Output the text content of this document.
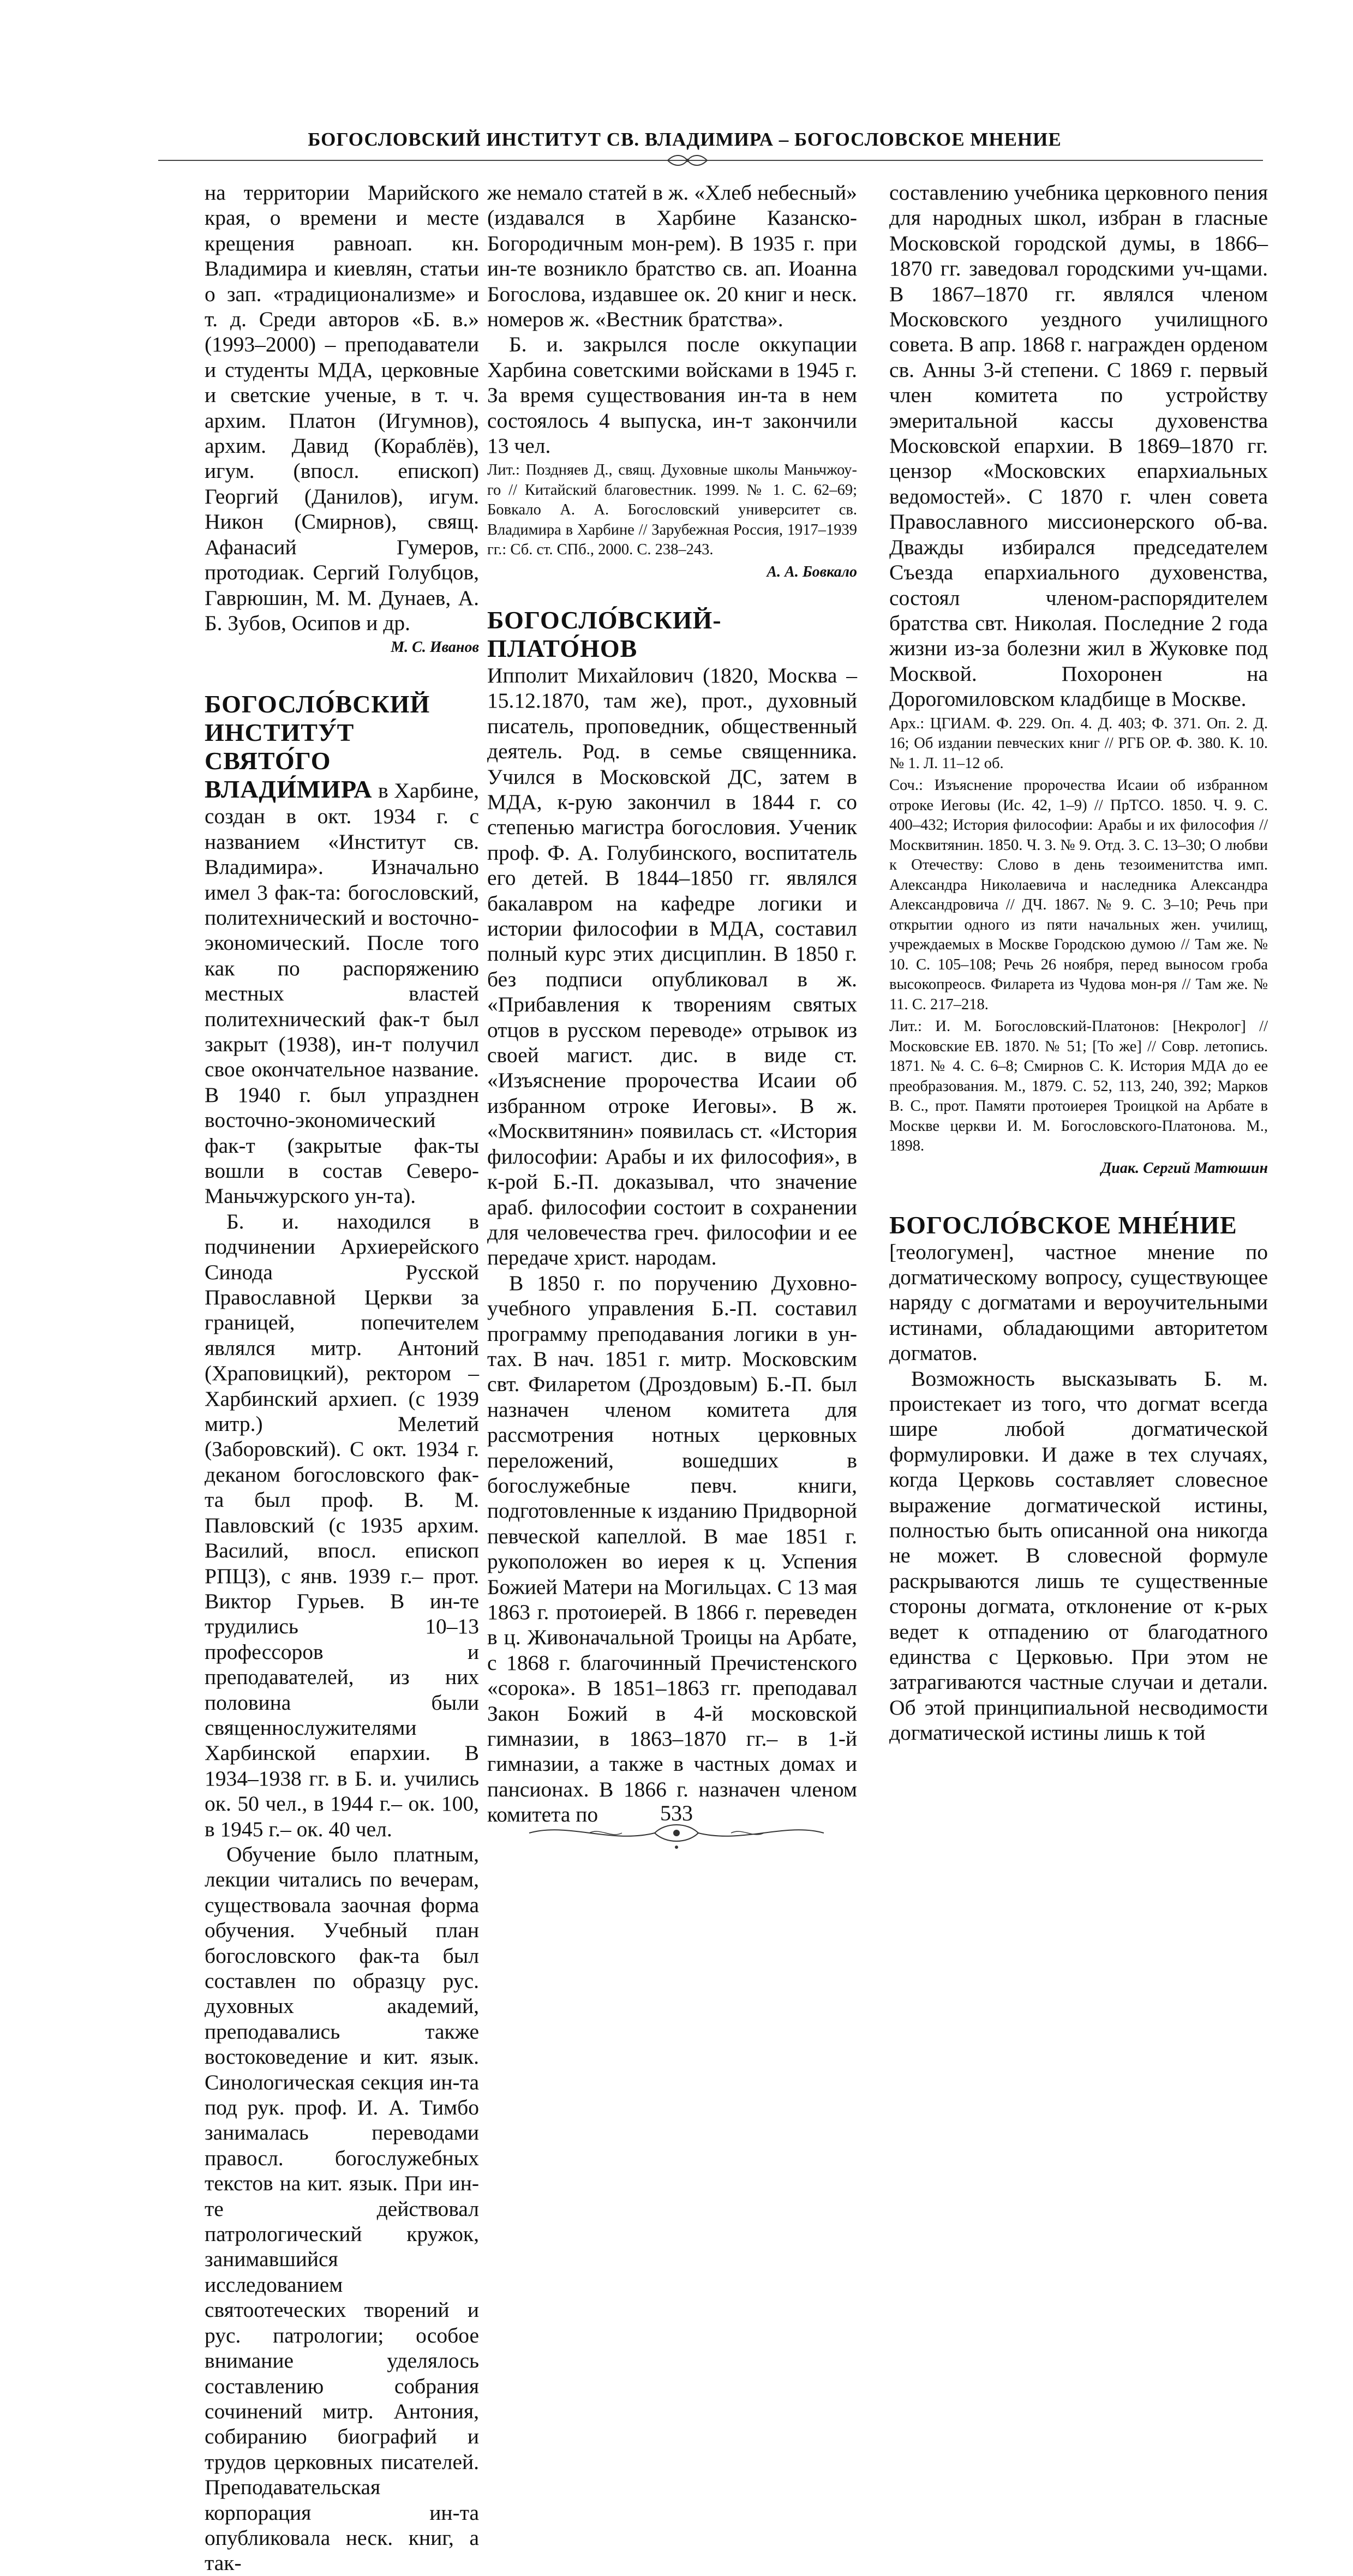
БОГОСЛОВСКИЙ ИНСТИТУТ СВ. ВЛАДИМИРА – БОГОСЛОВСКОЕ МНЕНИЕ

на территории Марийского края, о времени и месте крещения равноап. кн. Владимира и киевлян, статьи о зап. «традиционализме» и т. д. Среди авторов «Б. в.» (1993–2000) – преподаватели и студенты МДА, церковные и светские ученые, в т. ч. архим. Платон (Игумнов), архим. Давид (Кораблёв), игум. (впосл. епископ) Георгий (Данилов), игум. Никон (Смирнов), свящ. Афанасий Гумеров, протодиак. Сергий Голубцов, Гаврюшин, М. М. Дунаев, А. Б. Зубов, Осипов и др.

М. С. Иванов

БОГОСЛО́ВСКИЙ ИНСТИТУ́Т СВЯТО́ГО ВЛАДИ́МИРА в Харбине, создан в окт. 1934 г. с названием «Институт св. Владимира». Изначально имел 3 фак-та: богословский, политехнический и восточно-экономический. После того как по распоряжению местных властей политехнический фак-т был закрыт (1938), ин-т получил свое окончательное название. В 1940 г. был упразднен восточно-экономический фак-т (закрытые фак-ты вошли в состав Северо-Маньчжурского ун-та).

Б. и. находился в подчинении Архиерейского Синода Русской Православной Церкви за границей, попечителем являлся митр. Антоний (Храповицкий), ректором – Харбинский архиеп. (с 1939 митр.) Мелетий (Заборовский). С окт. 1934 г. деканом богословского фак-та был проф. В. М. Павловский (с 1935 архим. Василий, впосл. епископ РПЦЗ), с янв. 1939 г.– прот. Виктор Гурьев. В ин-те трудились 10–13 профессоров и преподавателей, из них половина были священнослужителями Харбинской епархии. В 1934–1938 гг. в Б. и. учились ок. 50 чел., в 1944 г.– ок. 100, в 1945 г.– ок. 40 чел.

Обучение было платным, лекции читались по вечерам, существовала заочная форма обучения. Учебный план богословского фак-та был составлен по образцу рус. духовных академий, преподавались также востоковедение и кит. язык. Синологическая секция ин-та под рук. проф. И. А. Тимбо занималась переводами правосл. богослужебных текстов на кит. язык. При ин-те действовал патрологический кружок, занимавшийся исследованием святоотеческих творений и рус. патрологии; особое внимание уделялось составлению собрания сочинений митр. Антония, собиранию биографий и трудов церковных писателей. Преподавательская корпорация ин-та опубликовала неск. книг, а так-

же немало статей в ж. «Хлеб небесный» (издавался в Харбине Казанско-Богородичным мон-рем). В 1935 г. при ин-те возникло братство св. ап. Иоанна Богослова, издавшее ок. 20 книг и неск. номеров ж. «Вестник братства».

Б. и. закрылся после оккупации Харбина советскими войсками в 1945 г. За время существования ин-та в нем состоялось 4 выпуска, ин-т закончили 13 чел.

Лит.: Поздняев Д., свящ. Духовные школы Маньчжоу-го // Китайский благовестник. 1999. № 1. С. 62–69; Бовкало А. А. Богословский университет св. Владимира в Харбине // Зарубежная Россия, 1917–1939 гг.: Сб. ст. СПб., 2000. С. 238–243.

А. А. Бовкало

БОГОСЛО́ВСКИЙ-ПЛАТО́НОВ

Ипполит Михайлович (1820, Москва – 15.12.1870, там же), прот., духовный писатель, проповедник, общественный деятель. Род. в семье священника. Учился в Московской ДС, затем в МДА, к-рую закончил в 1844 г. со степенью магистра богословия. Ученик проф. Ф. А. Голубинского, воспитатель его детей. В 1844–1850 гг. являлся бакалавром на кафедре логики и истории философии в МДА, составил полный курс этих дисциплин. В 1850 г. без подписи опубликовал в ж. «Прибавления к творениям святых отцов в русском переводе» отрывок из своей магист. дис. в виде ст. «Изъяснение пророчества Исаии об избранном отроке Иеговы». В ж. «Москвитянин» появилась ст. «История философии: Арабы и их философия», в к-рой Б.-П. доказывал, что значение араб. философии состоит в сохранении для человечества греч. философии и ее передаче христ. народам.

В 1850 г. по поручению Духовно-учебного управления Б.-П. составил программу преподавания логики в ун-тах. В нач. 1851 г. митр. Московским свт. Филаретом (Дроздовым) Б.-П. был назначен членом комитета для рассмотрения нотных церковных переложений, вошедших в богослужебные певч. книги, подготовленные к изданию Придворной певческой капеллой. В мае 1851 г. рукоположен во иерея к ц. Успения Божией Матери на Могильцах. С 13 мая 1863 г. протоиерей. В 1866 г. переведен в ц. Живоначальной Троицы на Арбате, с 1868 г. благочинный Пречистенского «сорока». В 1851–1863 гг. преподавал Закон Божий в 4-й московской гимназии, в 1863–1870 гг.– в 1-й гимназии, а также в частных домах и пансионах. В 1866 г. назначен членом комитета по

составлению учебника церковного пения для народных школ, избран в гласные Московской городской думы, в 1866–1870 гг. заведовал городскими уч-щами. В 1867–1870 гг. являлся членом Московского уездного училищного совета. В апр. 1868 г. награжден орденом св. Анны 3-й степени. С 1869 г. первый член комитета по устройству эмеритальной кассы духовенства Московской епархии. В 1869–1870 гг. цензор «Московских епархиальных ведомостей». С 1870 г. член совета Православного миссионерского об-ва. Дважды избирался председателем Съезда епархиального духовенства, состоял членом-распорядителем братства свт. Николая. Последние 2 года жизни из-за болезни жил в Жуковке под Москвой. Похоронен на Дорогомиловском кладбище в Москве.

Арх.: ЦГИАМ. Ф. 229. Оп. 4. Д. 403; Ф. 371. Оп. 2. Д. 16; Об издании певческих книг // РГБ ОР. Ф. 380. К. 10. № 1. Л. 11–12 об.

Соч.: Изъяснение пророчества Исаии об избранном отроке Иеговы (Ис. 42, 1–9) // ПрТСО. 1850. Ч. 9. С. 400–432; История философии: Арабы и их философия // Москвитянин. 1850. Ч. 3. № 9. Отд. 3. С. 13–30; О любви к Отечеству: Слово в день тезоименитства имп. Александра Николаевича и наследника Александра Александровича // ДЧ. 1867. № 9. С. 3–10; Речь при открытии одного из пяти начальных жен. училищ, учреждаемых в Москве Городскою думою // Там же. № 10. С. 105–108; Речь 26 ноября, перед выносом гроба высокопреосв. Филарета из Чудова мон-ря // Там же. № 11. С. 217–218.

Лит.: И. М. Богословский-Платонов: [Некролог] // Московские ЕВ. 1870. № 51; [То же] // Совр. летопись. 1871. № 4. С. 6–8; Смирнов С. К. История МДА до ее преобразования. М., 1879. С. 52, 113, 240, 392; Марков В. С., прот. Памяти протоиерея Троицкой на Арбате в Москве церкви И. М. Богословского-Платонова. М., 1898.

Диак. Сергий Матюшин

БОГОСЛО́ВСКОЕ МНЕ́НИЕ

[теологумен], частное мнение по догматическому вопросу, существующее наряду с догматами и вероучительными истинами, обладающими авторитетом догматов.

Возможность высказывать Б. м. проистекает из того, что догмат всегда шире любой догматической формулировки. И даже в тех случаях, когда Церковь составляет словесное выражение догматической истины, полностью быть описанной она никогда не может. В словесной формуле раскрываются лишь те существенные стороны догмата, отклонение от к-рых ведет к отпадению от благодатного единства с Церковью. При этом не затрагиваются частные случаи и детали. Об этой принципиальной несводимости догматической истины лишь к той

533
